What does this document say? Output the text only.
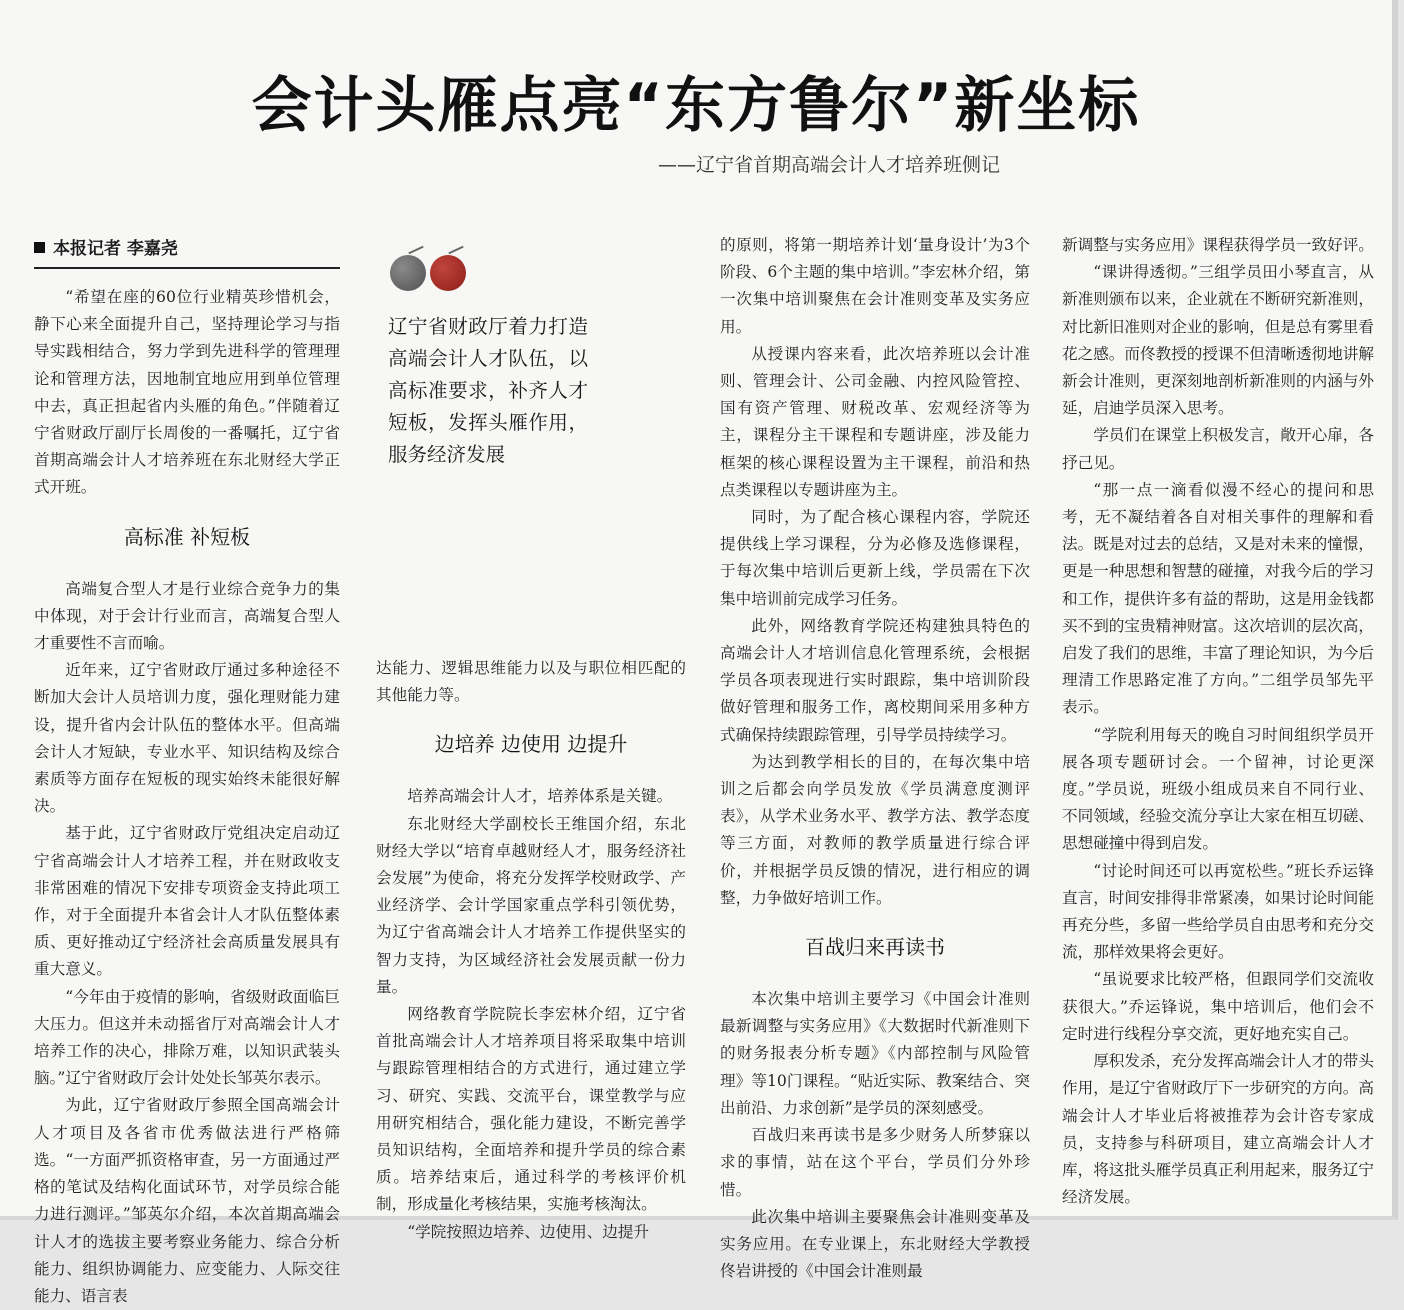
会计头雁点亮“东方鲁尔”新坐标
——辽宁省首期高端会计人才培养班侧记
本报记者 李嘉尧

“希望在座的60位行业精英珍惜机会，静下心来全面提升自己，坚持理论学习与指导实践相结合，努力学到先进科学的管理理论和管理方法，因地制宜地应用到单位管理中去，真正担起省内头雁的角色。”伴随着辽宁省财政厅副厅长周俊的一番嘱托，辽宁省首期高端会计人才培养班在东北财经大学正式开班。

高标准 补短板

高端复合型人才是行业综合竞争力的集中体现，对于会计行业而言，高端复合型人才重要性不言而喻。

近年来，辽宁省财政厅通过多种途径不断加大会计人员培训力度，强化理财能力建设，提升省内会计队伍的整体水平。但高端会计人才短缺，专业水平、知识结构及综合素质等方面存在短板的现实始终未能很好解决。

基于此，辽宁省财政厅党组决定启动辽宁省高端会计人才培养工程，并在财政收支非常困难的情况下安排专项资金支持此项工作，对于全面提升本省会计人才队伍整体素质、更好推动辽宁经济社会高质量发展具有重大意义。

“今年由于疫情的影响，省级财政面临巨大压力。但这并未动摇省厅对高端会计人才培养工作的决心，排除万难，以知识武装头脑。”辽宁省财政厅会计处处长邹英尔表示。

为此，辽宁省财政厅参照全国高端会计人才项目及各省市优秀做法进行严格筛选。“一方面严抓资格审查，另一方面通过严格的笔试及结构化面试环节，对学员综合能力进行测评。”邹英尔介绍，本次首期高端会计人才的选拔主要考察业务能力、综合分析能力、组织协调能力、应变能力、人际交往能力、语言表

辽宁省财政厅着力打造高端会计人才队伍，以高标准要求，补齐人才短板，发挥头雁作用，服务经济发展

达能力、逻辑思维能力以及与职位相匹配的其他能力等。

边培养 边使用 边提升

培养高端会计人才，培养体系是关键。

东北财经大学副校长王维国介绍，东北财经大学以“培育卓越财经人才，服务经济社会发展”为使命，将充分发挥学校财政学、产业经济学、会计学国家重点学科引领优势，为辽宁省高端会计人才培养工作提供坚实的智力支持，为区域经济社会发展贡献一份力量。

网络教育学院院长李宏林介绍，辽宁省首批高端会计人才培养项目将采取集中培训与跟踪管理相结合的方式进行，通过建立学习、研究、实践、交流平台，课堂教学与应用研究相结合，强化能力建设，不断完善学员知识结构，全面培养和提升学员的综合素质。培养结束后，通过科学的考核评价机制，形成量化考核结果，实施考核淘汰。

“学院按照边培养、边使用、边提升

的原则，将第一期培养计划‘量身设计’为3个阶段、6个主题的集中培训。”李宏林介绍，第一次集中培训聚焦在会计准则变革及实务应用。

从授课内容来看，此次培养班以会计准则、管理会计、公司金融、内控风险管控、国有资产管理、财税改革、宏观经济等为主，课程分主干课程和专题讲座，涉及能力框架的核心课程设置为主干课程，前沿和热点类课程以专题讲座为主。

同时，为了配合核心课程内容，学院还提供线上学习课程，分为必修及选修课程，于每次集中培训后更新上线，学员需在下次集中培训前完成学习任务。

此外，网络教育学院还构建独具特色的高端会计人才培训信息化管理系统，会根据学员各项表现进行实时跟踪，集中培训阶段做好管理和服务工作，离校期间采用多种方式确保持续跟踪管理，引导学员持续学习。

为达到教学相长的目的，在每次集中培训之后都会向学员发放《学员满意度测评表》，从学术业务水平、教学方法、教学态度等三方面，对教师的教学质量进行综合评价，并根据学员反馈的情况，进行相应的调整，力争做好培训工作。

百战归来再读书

本次集中培训主要学习《中国会计准则最新调整与实务应用》《大数据时代新准则下的财务报表分析专题》《内部控制与风险管理》等10门课程。“贴近实际、教案结合、突出前沿、力求创新”是学员的深刻感受。

百战归来再读书是多少财务人所梦寐以求的事情，站在这个平台，学员们分外珍惜。

此次集中培训主要聚焦会计准则变革及实务应用。在专业课上，东北财经大学教授佟岩讲授的《中国会计准则最

新调整与实务应用》课程获得学员一致好评。

“课讲得透彻。”三组学员田小琴直言，从新准则颁布以来，企业就在不断研究新准则，对比新旧准则对企业的影响，但是总有雾里看花之感。而佟教授的授课不但清晰透彻地讲解新会计准则，更深刻地剖析新准则的内涵与外延，启迪学员深入思考。

学员们在课堂上积极发言，敞开心扉，各抒己见。

“那一点一滴看似漫不经心的提问和思考，无不凝结着各自对相关事件的理解和看法。既是对过去的总结，又是对未来的憧憬，更是一种思想和智慧的碰撞，对我今后的学习和工作，提供许多有益的帮助，这是用金钱都买不到的宝贵精神财富。这次培训的层次高，启发了我们的思维，丰富了理论知识，为今后理清工作思路定准了方向。”二组学员邹先平表示。

“学院利用每天的晚自习时间组织学员开展各项专题研讨会。一个留神，讨论更深度。”学员说，班级小组成员来自不同行业、不同领域，经验交流分享让大家在相互切磋、思想碰撞中得到启发。

“讨论时间还可以再宽松些。”班长乔运锋直言，时间安排得非常紧凑，如果讨论时间能再充分些，多留一些给学员自由思考和充分交流，那样效果将会更好。

“虽说要求比较严格，但跟同学们交流收获很大。”乔运锋说，集中培训后，他们会不定时进行线程分享交流，更好地充实自己。

厚积发杀，充分发挥高端会计人才的带头作用，是辽宁省财政厅下一步研究的方向。高端会计人才毕业后将被推荐为会计咨专家成员，支持参与科研项目，建立高端会计人才库，将这批头雁学员真正利用起来，服务辽宁经济发展。
